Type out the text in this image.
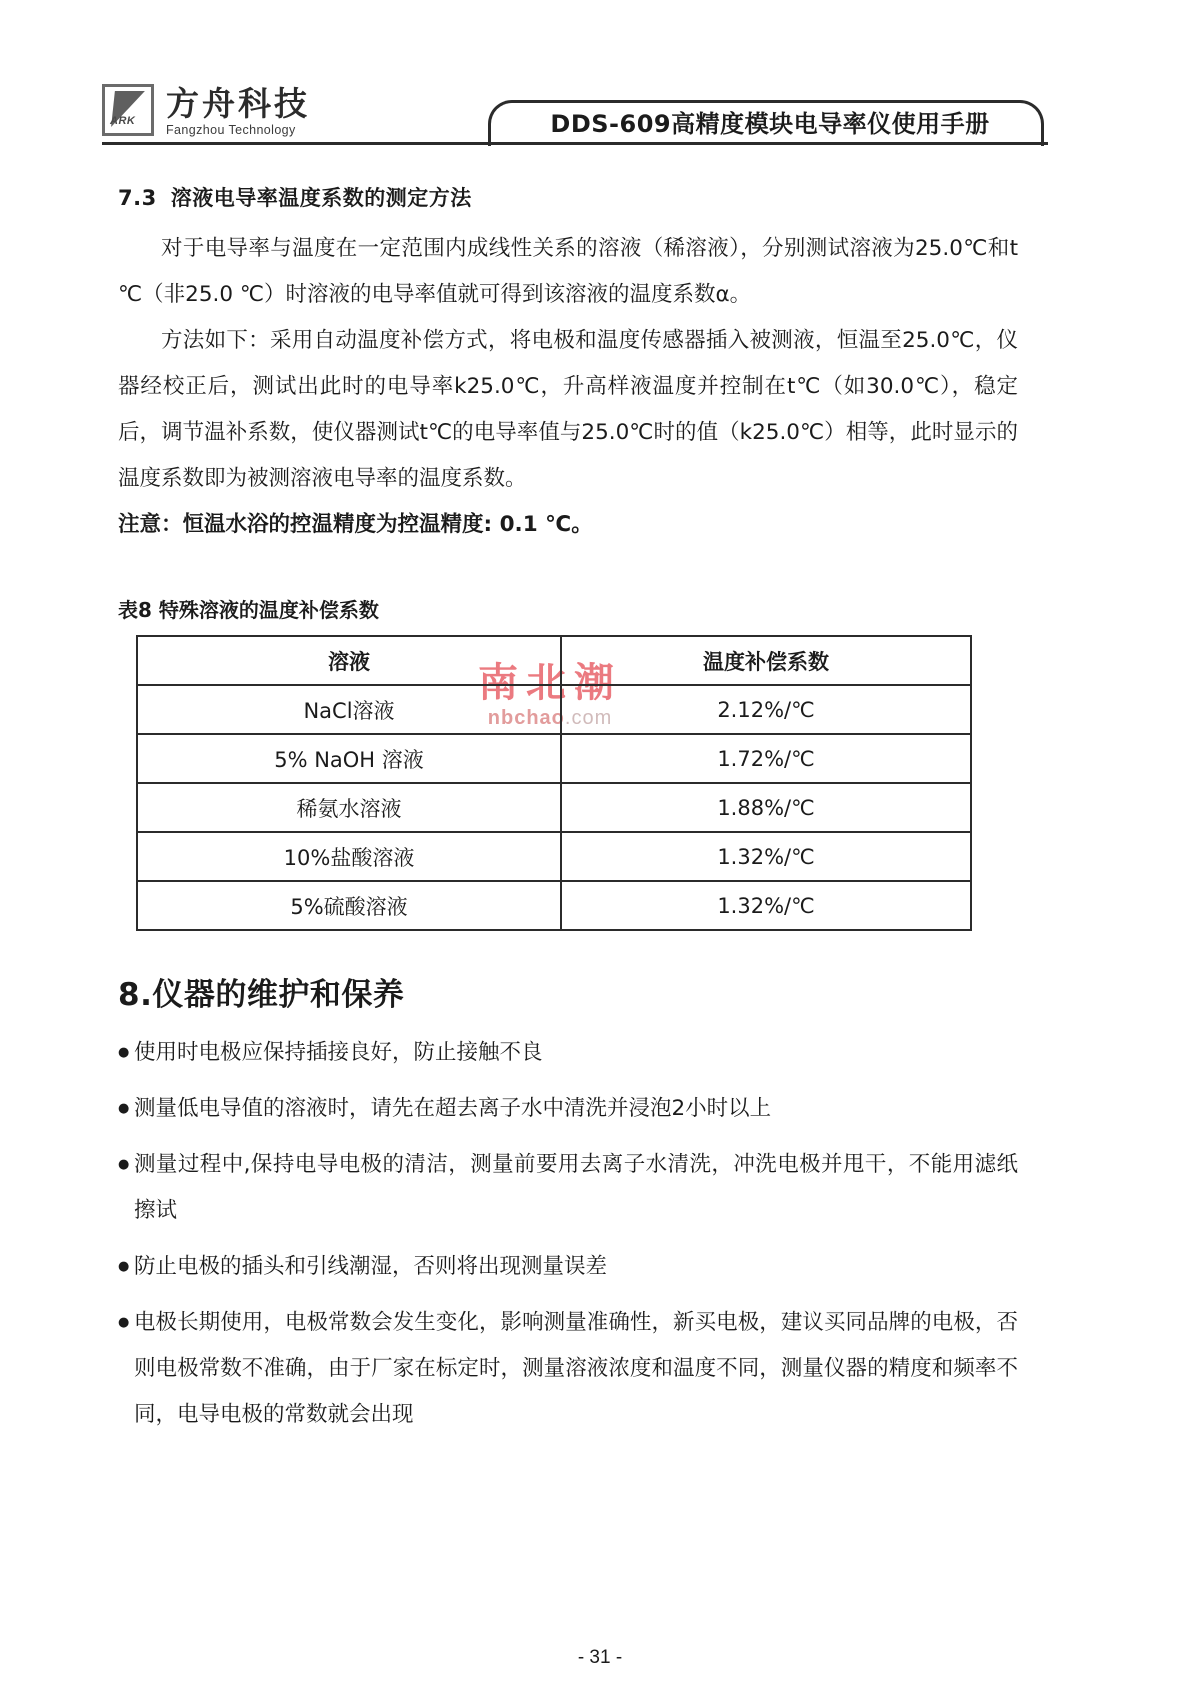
ARK 方舟科技
Fangzhou Technology	DDS-609高精度模块电导率仪使用手册
7.3 溶液电导率温度系数的测定方法

对于电导率与温度在一定范围内成线性关系的溶液（稀溶液），分别测试溶液为25.0℃和t ℃（非25.0 ℃）时溶液的电导率值就可得到该溶液的温度系数α。

方法如下：采用自动温度补偿方式，将电极和温度传感器插入被测液，恒温至25.0℃，仪器经校正后，测试出此时的电导率k25.0℃，升高样液温度并控制在t℃（如30.0℃），稳定后，调节温补系数，使仪器测试t℃的电导率值与25.0℃时的值（k25.0℃）相等，此时显示的温度系数即为被测溶液电导率的温度系数。

注意：恒温水浴的控温精度为控温精度: 0.1 ℃。

表8 特殊溶液的温度补偿系数
南北潮
nbchao.com
溶液	温度补偿系数
NaCl溶液	2.12%/℃
5% NaOH 溶液	1.72%/℃
稀氨水溶液	1.88%/℃
10%盐酸溶液	1.32%/℃
5%硫酸溶液	1.32%/℃
8.仪器的维护和保养
● 使用时电极应保持插接良好，防止接触不良
● 测量低电导值的溶液时，请先在超去离子水中清洗并浸泡2小时以上
● 测量过程中,保持电导电极的清洁，测量前要用去离子水清洗，冲洗电极并甩干，不能用滤纸擦试
● 防止电极的插头和引线潮湿，否则将出现测量误差
● 电极长期使用，电极常数会发生变化，影响测量准确性，新买电极，建议买同品牌的电极，否则电极常数不准确，由于厂家在标定时，测量溶液浓度和温度不同，测量仪器的精度和频率不同，电导电极的常数就会出现
- 31 -
